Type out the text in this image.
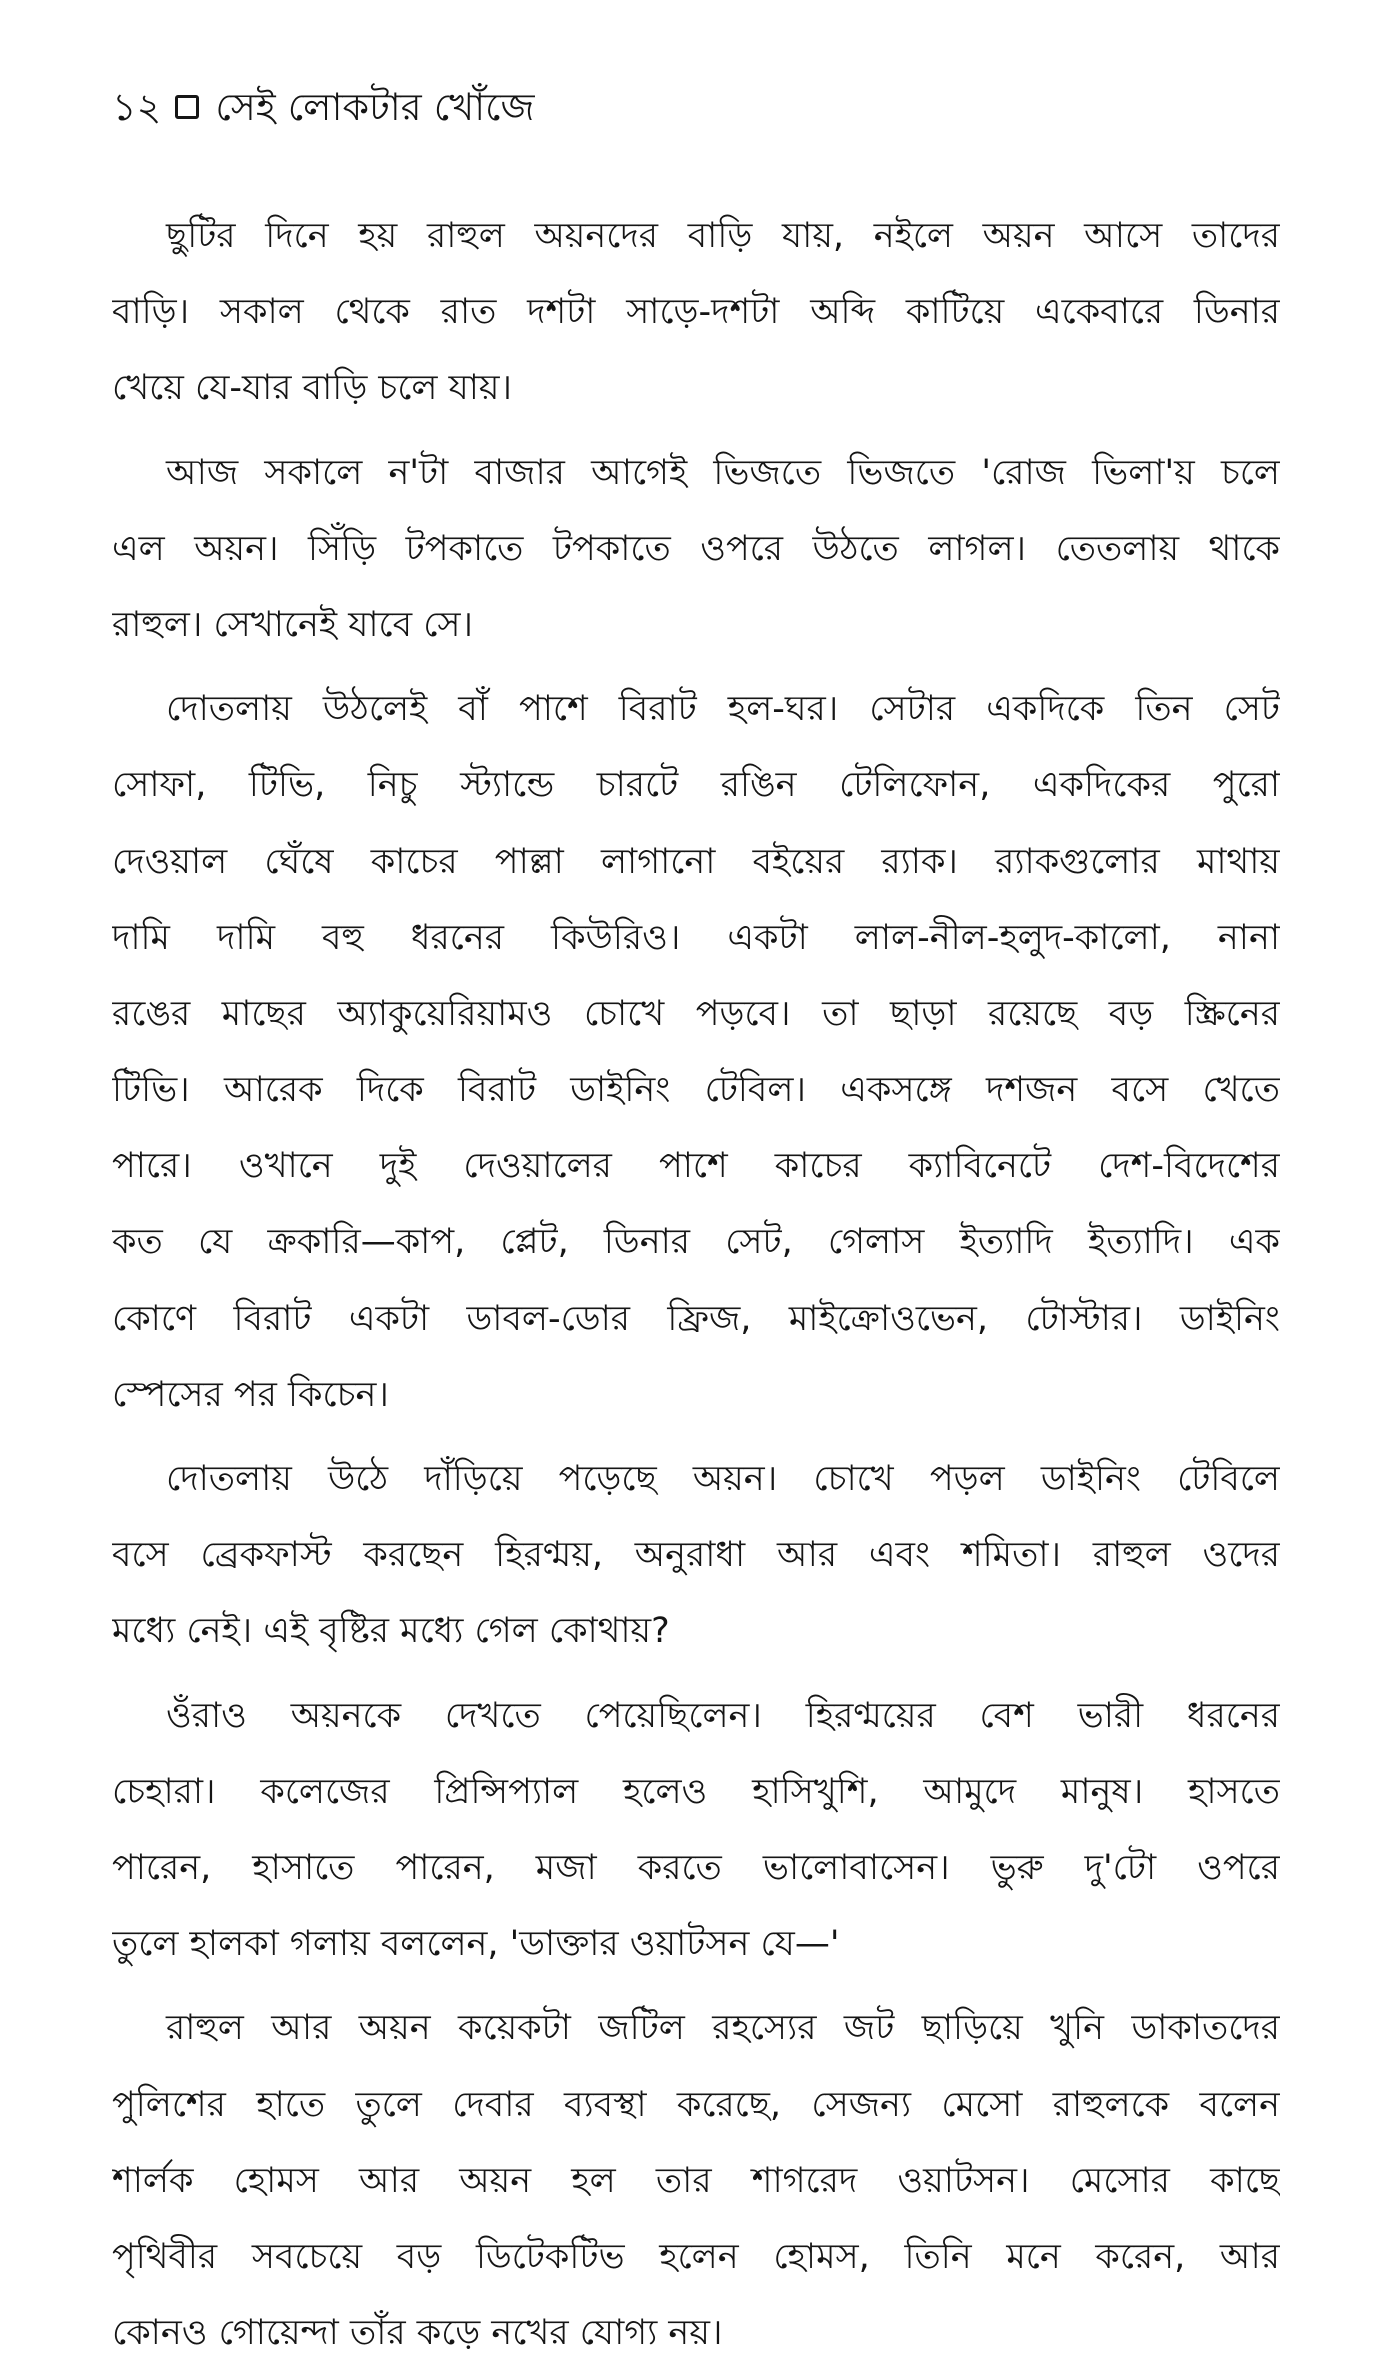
১২ সেই লোকটার খোঁজে
ছুটির দিনে হয় রাহুল অয়নদের বাড়ি যায়, নইলে অয়ন আসে তাদের
বাড়ি। সকাল থেকে রাত দশটা সাড়ে-দশটা অব্দি কাটিয়ে একেবারে ডিনার
খেয়ে যে-যার বাড়ি চলে যায়।
আজ সকালে ন'টা বাজার আগেই ভিজতে ভিজতে 'রোজ ভিলা'য় চলে
এল অয়ন। সিঁড়ি টপকাতে টপকাতে ওপরে উঠতে লাগল। তেতলায় থাকে
রাহুল। সেখানেই যাবে সে।
দোতলায় উঠলেই বাঁ পাশে বিরাট হল-ঘর। সেটার একদিকে তিন সেট
সোফা, টিভি, নিচু স্ট্যান্ডে চারটে রঙিন টেলিফোন, একদিকের পুরো
দেওয়াল ঘেঁষে কাচের পাল্লা লাগানো বইয়ের র‍্যাক। র‍্যাকগুলোর মাথায়
দামি দামি বহু ধরনের কিউরিও। একটা লাল-নীল-হলুদ-কালো, নানা
রঙের মাছের অ্যাকুয়েরিয়ামও চোখে পড়বে। তা ছাড়া রয়েছে বড় স্ক্রিনের
টিভি। আরেক দিকে বিরাট ডাইনিং টেবিল। একসঙ্গে দশজন বসে খেতে
পারে। ওখানে দুই দেওয়ালের পাশে কাচের ক্যাবিনেটে দেশ-বিদেশের
কত যে ক্রকারি—কাপ, প্লেট, ডিনার সেট, গেলাস ইত্যাদি ইত্যাদি। এক
কোণে বিরাট একটা ডাবল-ডোর ফ্রিজ, মাইক্রোওভেন, টোস্টার। ডাইনিং
স্পেসের পর কিচেন।
দোতলায় উঠে দাঁড়িয়ে পড়েছে অয়ন। চোখে পড়ল ডাইনিং টেবিলে
বসে ব্রেকফাস্ট করছেন হিরণ্ময়, অনুরাধা আর এবং শমিতা। রাহুল ওদের
মধ্যে নেই। এই বৃষ্টির মধ্যে গেল কোথায়?
ওঁরাও অয়নকে দেখতে পেয়েছিলেন। হিরণ্ময়ের বেশ ভারী ধরনের
চেহারা। কলেজের প্রিন্সিপ্যাল হলেও হাসিখুশি, আমুদে মানুষ। হাসতে
পারেন, হাসাতে পারেন, মজা করতে ভালোবাসেন। ভুরু দু'টো ওপরে
তুলে হালকা গলায় বললেন, 'ডাক্তার ওয়াটসন যে—'
রাহুল আর অয়ন কয়েকটা জটিল রহস্যের জট ছাড়িয়ে খুনি ডাকাতদের
পুলিশের হাতে তুলে দেবার ব্যবস্থা করেছে, সেজন্য মেসো রাহুলকে বলেন
শার্লক হোমস আর অয়ন হল তার শাগরেদ ওয়াটসন। মেসোর কাছে
পৃথিবীর সবচেয়ে বড় ডিটেকটিভ হলেন হোমস, তিনি মনে করেন, আর
কোনও গোয়েন্দা তাঁর কড়ে নখের যোগ্য নয়।
